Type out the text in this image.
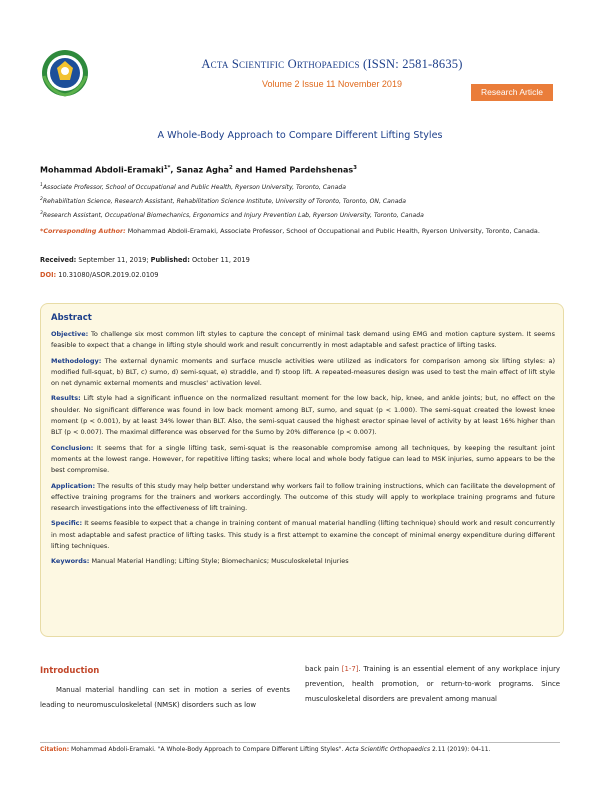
Acta Scientific Orthopaedics (ISSN: 2581-8635)
Volume 2 Issue 11 November 2019
Research Article
A Whole-Body Approach to Compare Different Lifting Styles
Mohammad Abdoli-Eramaki$^{1*}$, Sanaz Agha$^2$ and Hamed Pardehshenas$^3$
$^1$Associate Professor, School of Occupational and Public Health, Ryerson University, Toronto, Canada
$^2$Rehabilitation Science, Research Assistant, Rehabilitation Science Institute, University of Toronto, Toronto, ON, Canada
$^3$Research Assistant, Occupational Biomechanics, Ergonomics and Injury Prevention Lab, Ryerson University, Toronto, Canada
*Corresponding Author: Mohammad Abdoli-Eramaki, Associate Professor, School of Occupational and Public Health, Ryerson University, Toronto, Canada.
Received: September 11, 2019; Published: October 11, 2019
DOI: 10.31080/ASOR.2019.02.0109
Abstract

Objective: To challenge six most common lift styles to capture the concept of minimal task demand using EMG and motion capture system. It seems feasible to expect that a change in lifting style should work and result concurrently in most adaptable and safest practice of lifting tasks.

Methodology: The external dynamic moments and surface muscle activities were utilized as indicators for comparison among six lifting styles: a) modified full-squat, b) BLT, c) sumo, d) semi-squat, e) straddle, and f) stoop lift. A repeated-measures design was used to test the main effect of lift style on net dynamic external moments and muscles' activation level.

Results: Lift style had a significant influence on the normalized resultant moment for the low back, hip, knee, and ankle joints; but, no effect on the shoulder. No significant difference was found in low back moment among BLT, sumo, and squat (p < 1.000). The semi-squat created the lowest knee moment (p < 0.001), by at least 34% lower than BLT. Also, the semi-squat caused the highest erector spinae level of activity by at least 16% higher than BLT (p < 0.007). The maximal difference was observed for the Sumo by 20% difference (p < 0.007).

Conclusion: It seems that for a single lifting task, semi-squat is the reasonable compromise among all techniques, by keeping the resultant joint moments at the lowest range. However, for repetitive lifting tasks; where local and whole body fatigue can lead to MSK injuries, sumo appears to be the best compromise.

Application: The results of this study may help better understand why workers fail to follow training instructions, which can facilitate the development of effective training programs for the trainers and workers accordingly. The outcome of this study will apply to workplace training programs and future research investigations into the effectiveness of lift training.

Specific: It seems feasible to expect that a change in training content of manual material handling (lifting technique) should work and result concurrently in most adaptable and safest practice of lifting tasks. This study is a first attempt to examine the concept of minimal energy expenditure during different lifting techniques.

Keywords: Manual Material Handling; Lifting Style; Biomechanics; Musculoskeletal Injuries

Introduction
Manual material handling can set in motion a series of events leading to neuromusculoskeletal (NMSK) disorders such as low
back pain [1-7]. Training is an essential element of any workplace injury prevention, health promotion, or return-to-work programs. Since musculoskeletal disorders are prevalent among manual
Citation: Mohammad Abdoli-Eramaki. "A Whole-Body Approach to Compare Different Lifting Styles". Acta Scientific Orthopaedics 2.11 (2019): 04-11.
